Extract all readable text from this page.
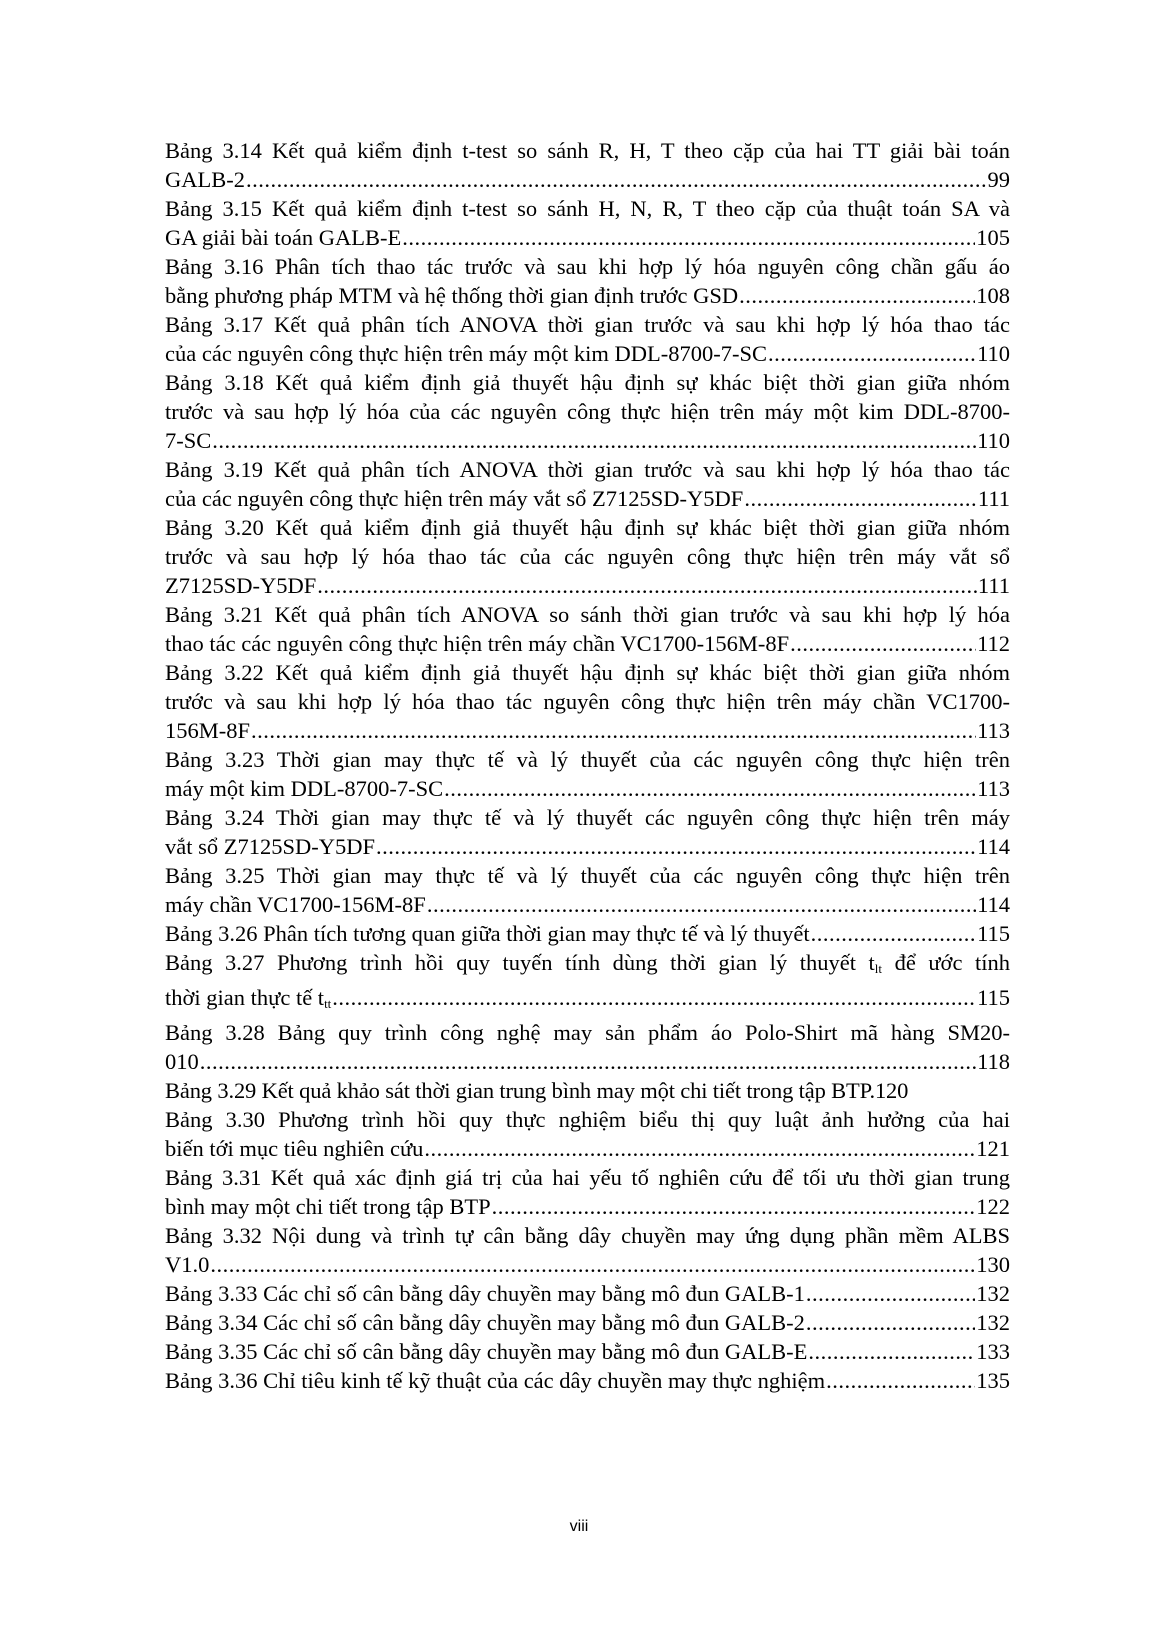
Bảng 3.14 Kết quả kiểm định t-test so sánh R, H, T theo cặp của hai TT giải bài toán
GALB-2 .....	99
Bảng 3.15 Kết quả kiểm định t-test so sánh H, N, R, T theo cặp của thuật toán SA và
GA giải bài toán GALB-E .....	105
Bảng 3.16 Phân tích thao tác trước và sau khi hợp lý hóa nguyên công chần gấu áo
bằng phương pháp MTM và hệ thống thời gian định trước GSD .....	108
Bảng 3.17 Kết quả phân tích ANOVA thời gian trước và sau khi hợp lý hóa thao tác
của các nguyên công thực hiện trên máy một kim DDL-8700-7-SC .....	110
Bảng 3.18 Kết quả kiểm định giả thuyết hậu định sự khác biệt thời gian giữa nhóm
trước và sau hợp lý hóa của các nguyên công thực hiện trên máy một kim DDL-8700-
7-SC .....	110
Bảng 3.19 Kết quả phân tích ANOVA thời gian trước và sau khi hợp lý hóa thao tác
của các nguyên công thực hiện trên máy vắt sổ Z7125SD-Y5DF .....	111
Bảng 3.20 Kết quả kiểm định giả thuyết hậu định sự khác biệt thời gian giữa nhóm
trước và sau hợp lý hóa thao tác của các nguyên công thực hiện trên máy vắt sổ
Z7125SD-Y5DF .....	111
Bảng 3.21 Kết quả phân tích ANOVA so sánh thời gian trước và sau khi hợp lý hóa
thao tác các nguyên công thực hiện trên máy chần VC1700-156M-8F .....	112
Bảng 3.22 Kết quả kiểm định giả thuyết hậu định sự khác biệt thời gian giữa nhóm
trước và sau khi hợp lý hóa thao tác nguyên công thực hiện trên máy chần VC1700-
156M-8F .....	113
Bảng 3.23 Thời gian may thực tế và lý thuyết của các nguyên công thực hiện trên
máy một kim DDL-8700-7-SC .....	113
Bảng 3.24 Thời gian may thực tế và lý thuyết các nguyên công thực hiện trên máy
vắt sổ Z7125SD-Y5DF .....	114
Bảng 3.25 Thời gian may thực tế và lý thuyết của các nguyên công thực hiện trên
máy chần VC1700-156M-8F .....	114
Bảng 3.26 Phân tích tương quan giữa thời gian may thực tế và lý thuyết .....	115
Bảng 3.27 Phương trình hồi quy tuyến tính dùng thời gian lý thuyết $t_{lt}$ để ước tính
thời gian thực tế $t_{tt}$ .....	115
Bảng 3.28 Bảng quy trình công nghệ may sản phẩm áo Polo-Shirt mã hàng SM20-
010 .....	118
Bảng 3.29 Kết quả khảo sát thời gian trung bình may một chi tiết trong tập BTP.120
Bảng 3.30 Phương trình hồi quy thực nghiệm biểu thị quy luật ảnh hưởng của hai
biến tới mục tiêu nghiên cứu .....	121
Bảng 3.31 Kết quả xác định giá trị của hai yếu tố nghiên cứu để tối ưu thời gian trung
bình may một chi tiết trong tập BTP .....	122
Bảng 3.32 Nội dung và trình tự cân bằng dây chuyền may ứng dụng phần mềm ALBS
V1.0 .....	130
Bảng 3.33 Các chỉ số cân bằng dây chuyền may bằng mô đun GALB-1 .....	132
Bảng 3.34 Các chỉ số cân bằng dây chuyền may bằng mô đun GALB-2 .....	132
Bảng 3.35 Các chỉ số cân bằng dây chuyền may bằng mô đun GALB-E .....	133
Bảng 3.36 Chỉ tiêu kinh tế kỹ thuật của các dây chuyền may thực nghiệm .....	135
viii
